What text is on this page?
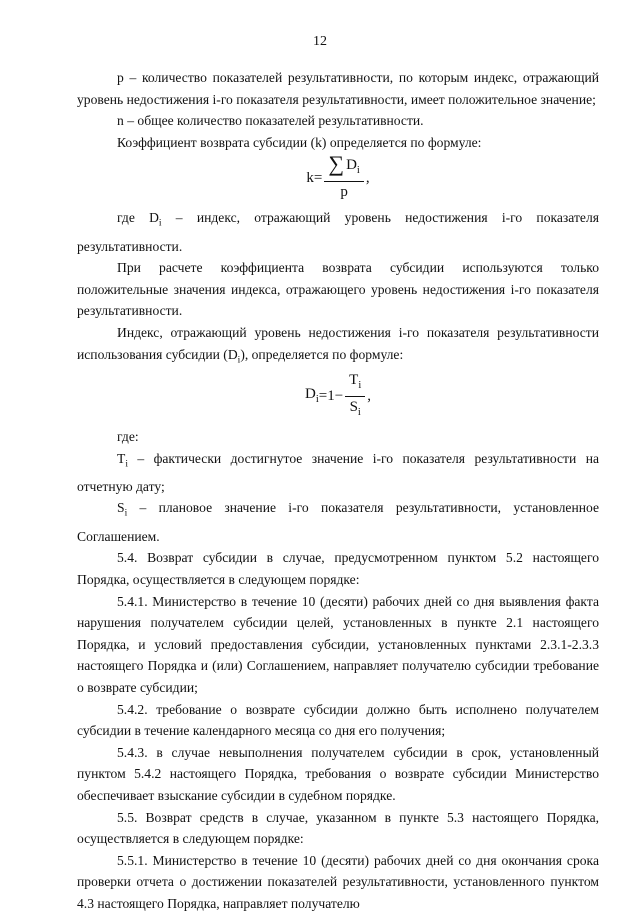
12

p – количество показателей результативности, по которым индекс, отражающий уровень недостижения i-го показателя результативности, имеет положительное значение;

n – общее количество показателей результативности.

Коэффициент возврата субсидии (k) определяется по формуле:

$k = \frac{\sum D_i}{p}$ ,

где $D_i$ – индекс, отражающий уровень недостижения i-го показателя результативности.

При расчете коэффициента возврата субсидии используются только положительные значения индекса, отражающего уровень недостижения i-го показателя результативности.

Индекс, отражающий уровень недостижения i-го показателя результативности использования субсидии $(D_i)$, определяется по формуле:

$D_i =1- \frac{T_i}{S_i}$ ,

где:

$T_i$ – фактически достигнутое значение i-го показателя результативности на отчетную дату;

$S_i$ – плановое значение i-го показателя результативности, установленное Соглашением.

5.4. Возврат субсидии в случае, предусмотренном пунктом 5.2 настоящего Порядка, осуществляется в следующем порядке:

5.4.1. Министерство в течение 10 (десяти) рабочих дней со дня выявления факта нарушения получателем субсидии целей, установленных в пункте 2.1 настоящего Порядка, и условий предоставления субсидии, установленных пунктами 2.3.1-2.3.3 настоящего Порядка и (или) Соглашением, направляет получателю субсидии требование о возврате субсидии;

5.4.2. требование о возврате субсидии должно быть исполнено получателем субсидии в течение календарного месяца со дня его получения;

5.4.3. в случае невыполнения получателем субсидии в срок, установленный пунктом 5.4.2 настоящего Порядка, требования о возврате субсидии Министерство обеспечивает взыскание субсидии в судебном порядке.

5.5. Возврат средств в случае, указанном в пункте 5.3 настоящего Порядка, осуществляется в следующем порядке:

5.5.1. Министерство в течение 10 (десяти) рабочих дней со дня окончания срока проверки отчета о достижении показателей результативности, установленного пунктом 4.3 настоящего Порядка, направляет получателю
